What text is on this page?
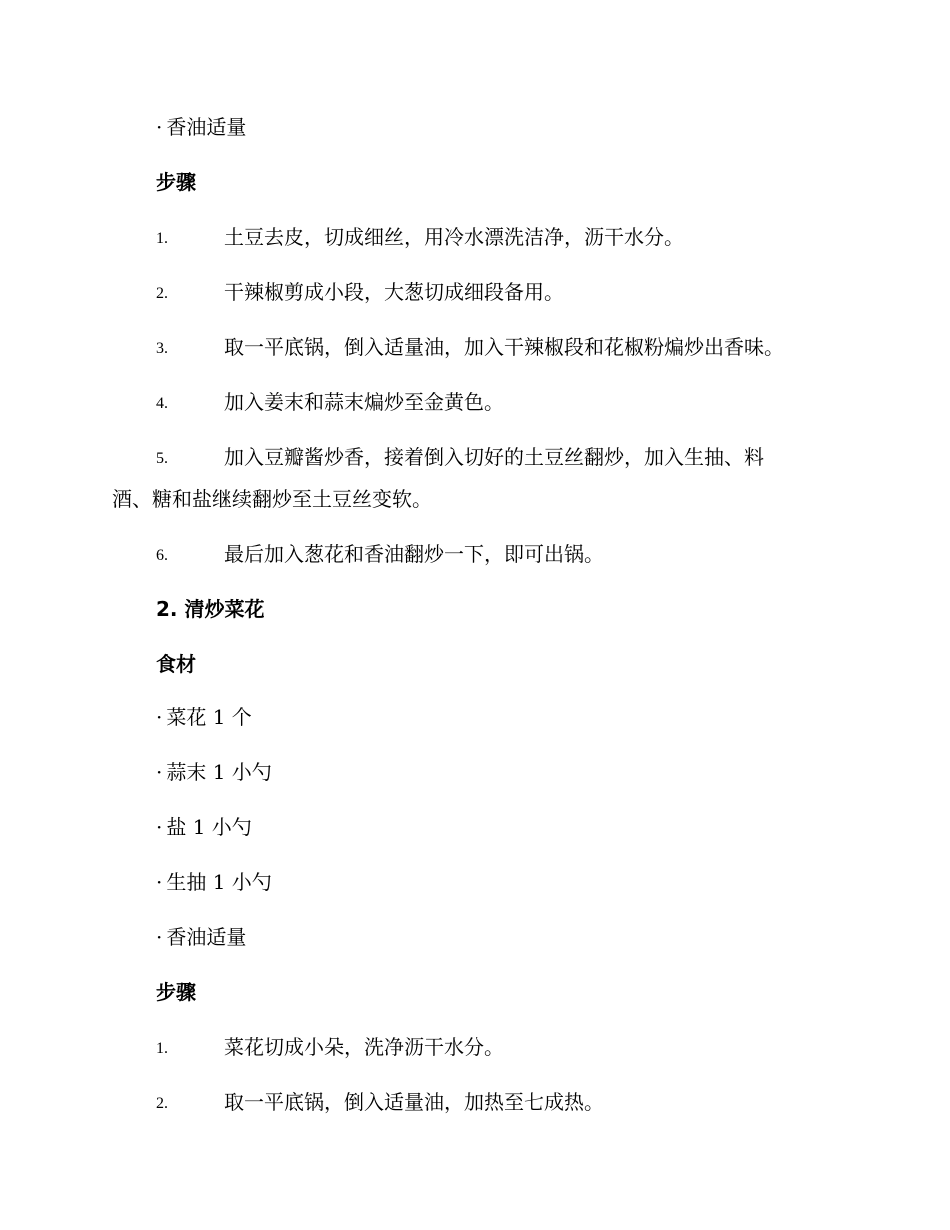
· 香油适量
步骤
1.	土豆去皮，切成细丝，用冷水漂洗洁净，沥干水分。
2.	干辣椒剪成小段，大葱切成细段备用。
3.	取一平底锅，倒入适量油，加入干辣椒段和花椒粉煸炒出香味。
4.	加入姜末和蒜末煸炒至金黄色。
5.	加入豆瓣酱炒香，接着倒入切好的土豆丝翻炒，加入生抽、料
酒、糖和盐继续翻炒至土豆丝变软。
6.	最后加入葱花和香油翻炒一下，即可出锅。
2. 清炒菜花
食材
· 菜花 1 个
· 蒜末 1 小勺
· 盐 1 小勺
· 生抽 1 小勺
· 香油适量
步骤
1.	菜花切成小朵，洗净沥干水分。
2.	取一平底锅，倒入适量油，加热至七成热。
